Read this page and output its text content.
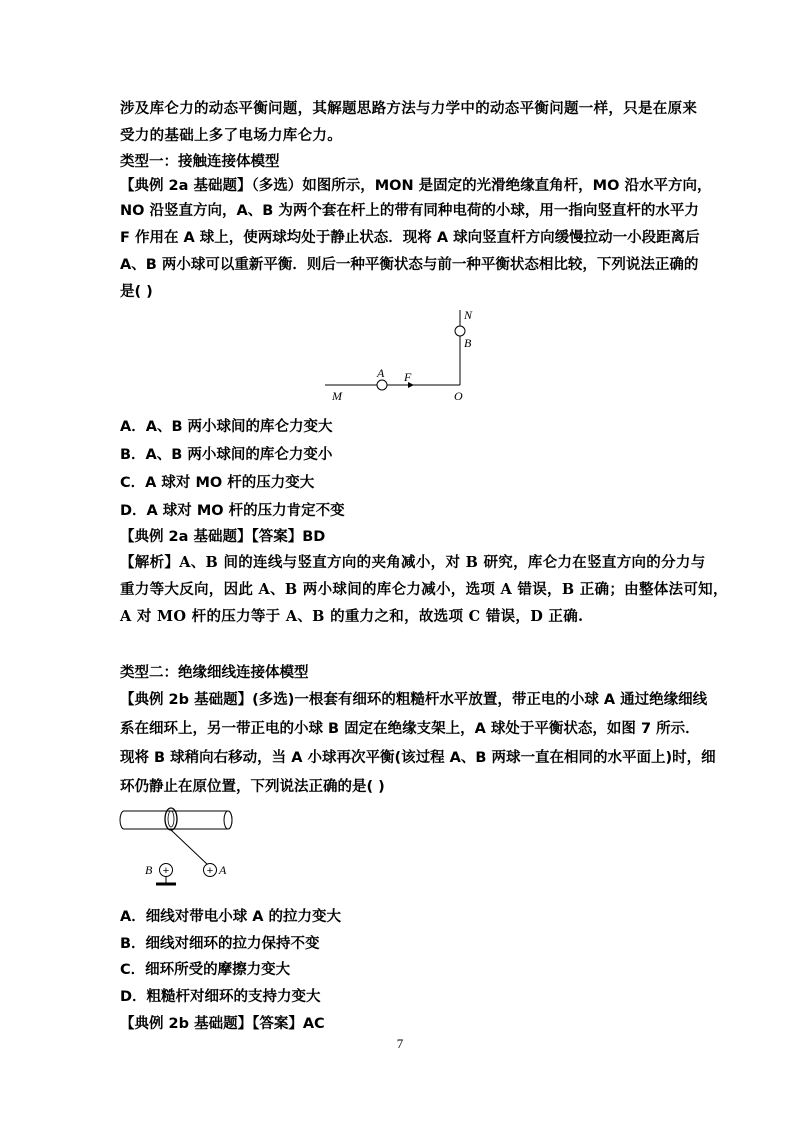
涉及库仑力的动态平衡问题，其解题思路方法与力学中的动态平衡问题一样，只是在原来
受力的基础上多了电场力库仑力。
类型一：接触连接体模型
【典例 2a 基础题】（多选）如图所示，MON 是固定的光滑绝缘直角杆，MO 沿水平方向，
NO 沿竖直方向，A、B 为两个套在杆上的带有同种电荷的小球，用一指向竖直杆的水平力
F 作用在 A 球上，使两球均处于静止状态．现将 A 球向竖直杆方向缓慢拉动一小段距离后
A、B 两小球可以重新平衡．则后一种平衡状态与前一种平衡状态相比较，下列说法正确的
是( )
N
B
A F
M	O
A．A、B 两小球间的库仑力变大
B．A、B 两小球间的库仑力变小
C．A 球对 MO 杆的压力变大
D．A 球对 MO 杆的压力肯定不变
【典例 2a 基础题】【答案】BD
【解析】A、B 间的连线与竖直方向的夹角减小，对 B 研究，库仑力在竖直方向的分力与
重力等大反向，因此 A、B 两小球间的库仑力减小，选项 A 错误，B 正确；由整体法可知，
A 对 MO 杆的压力等于 A、B 的重力之和，故选项 C 错误，D 正确.
类型二：绝缘细线连接体模型
【典例 2b 基础题】(多选)一根套有细环的粗糙杆水平放置，带正电的小球 A 通过绝缘细线
系在细环上，另一带正电的小球 B 固定在绝缘支架上，A 球处于平衡状态，如图 7 所示．
现将 B 球稍向右移动，当 A 小球再次平衡(该过程 A、B 两球一直在相同的水平面上)时，细
环仍静止在原位置，下列说法正确的是( )
+
+
B	A
A．细线对带电小球 A 的拉力变大
B．细线对细环的拉力保持不变
C．细环所受的摩擦力变大
D．粗糙杆对细环的支持力变大
【典例 2b 基础题】【答案】AC
7
